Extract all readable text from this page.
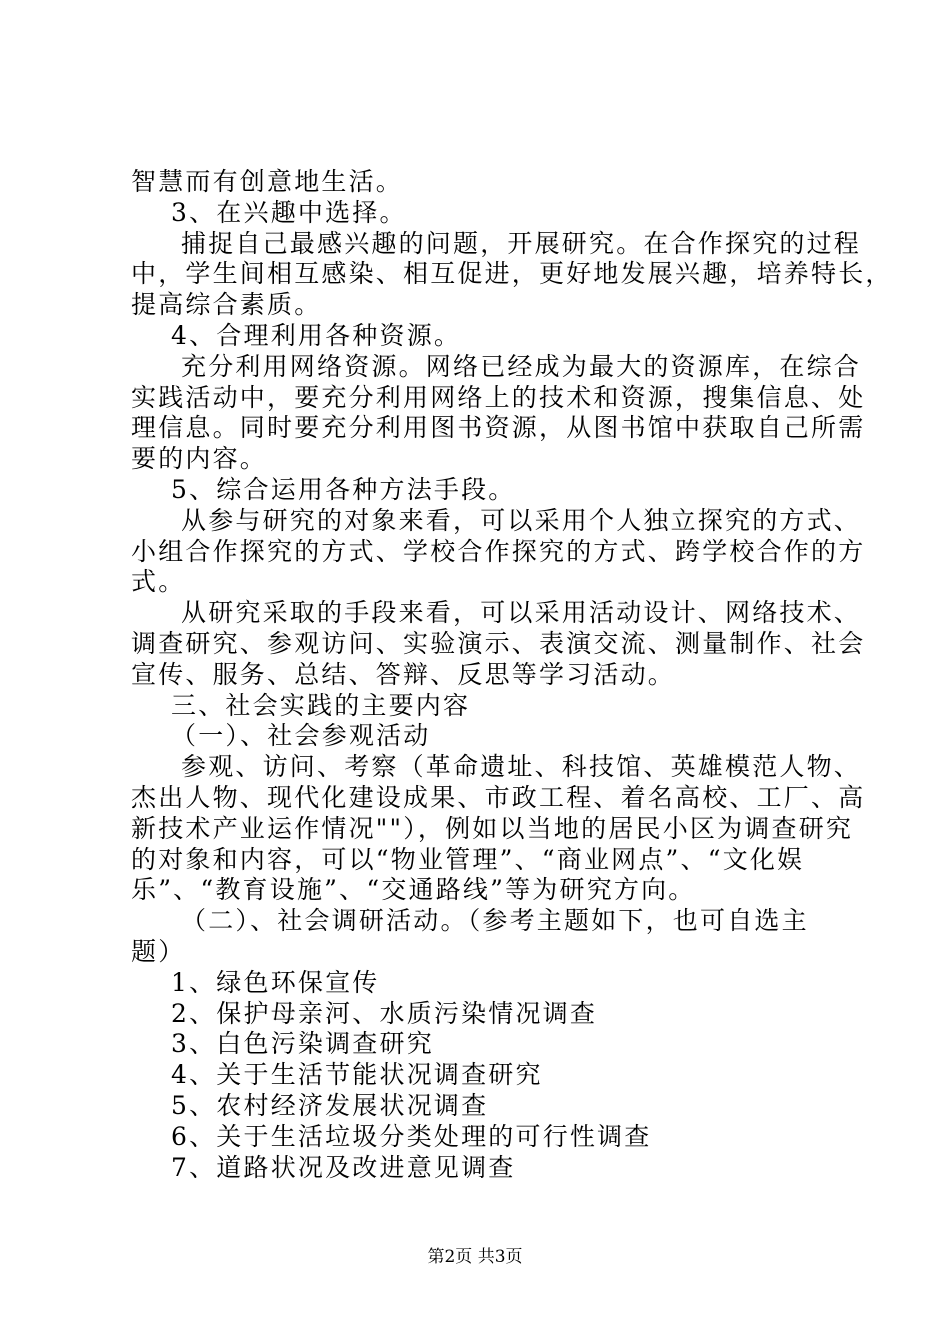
智慧而有创意地生活。
3、在兴趣中选择。
捕捉自己最感兴趣的问题，开展研究。在合作探究的过程
中，学生间相互感染、相互促进，更好地发展兴趣，培养特长，
提高综合素质。
4、合理利用各种资源。
充分利用网络资源。网络已经成为最大的资源库，在综合
实践活动中，要充分利用网络上的技术和资源，搜集信息、处
理信息。同时要充分利用图书资源，从图书馆中获取自己所需
要的内容。
5、综合运用各种方法手段。
从参与研究的对象来看，可以采用个人独立探究的方式、
小组合作探究的方式、学校合作探究的方式、跨学校合作的方
式。
从研究采取的手段来看，可以采用活动设计、网络技术、
调查研究、参观访问、实验演示、表演交流、测量制作、社会
宣传、服务、总结、答辩、反思等学习活动。
三、社会实践的主要内容
（一）、社会参观活动
参观、访问、考察（革命遗址、科技馆、英雄模范人物、
杰出人物、现代化建设成果、市政工程、着名高校、工厂、高
新技术产业运作情况""），例如以当地的居民小区为调查研究
的对象和内容，可以“物业管理”、“商业网点”、“文化娱
乐”、“教育设施”、“交通路线”等为研究方向。
（二）、社会调研活动。（参考主题如下，也可自选主
题）
1、绿色环保宣传
2、保护母亲河、水质污染情况调查
3、白色污染调查研究
4、关于生活节能状况调查研究
5、农村经济发展状况调查
6、关于生活垃圾分类处理的可行性调查
7、道路状况及改进意见调查
第2页 共3页
